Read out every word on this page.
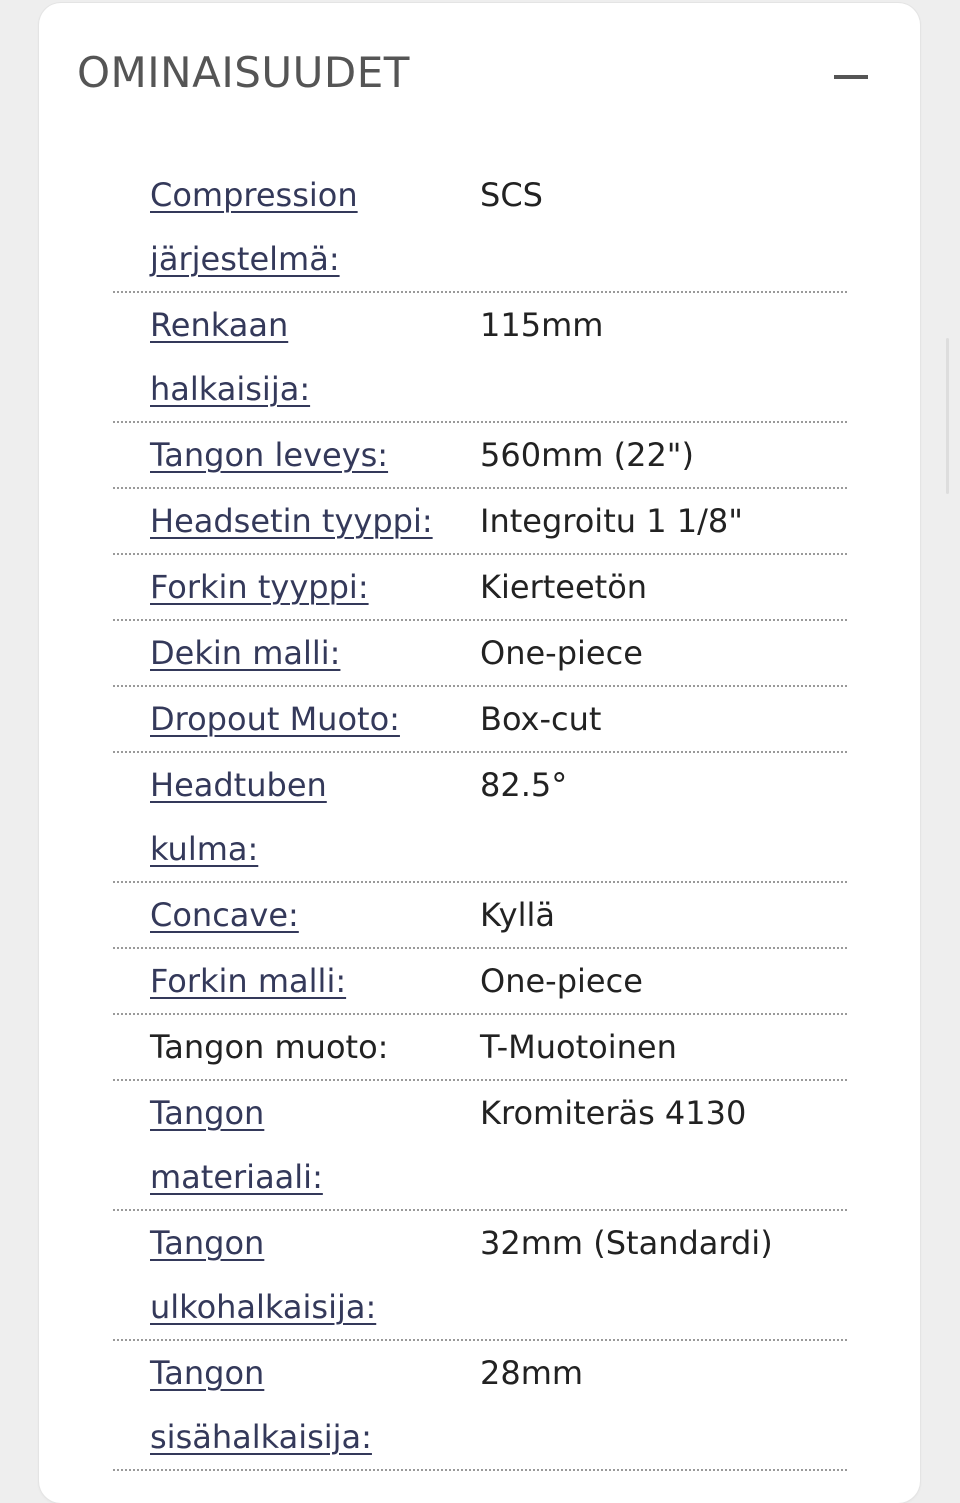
OMINAISUUDET
Compression järjestelmä:
SCS
Renkaan halkaisija:
115mm
Tangon leveys:	560mm (22")
Headsetin tyyppi:	Integroitu 1 1/8"
Forkin tyyppi:	Kierteetön
Dekin malli:	One-piece
Dropout Muoto:	Box-cut
Headtuben kulma:
82.5°
Concave:	Kyllä
Forkin malli:	One-piece
Tangon muoto:	T-Muotoinen
Tangon materiaali:
Kromiteräs 4130
Tangon ulkohalkaisija:
32mm (Standardi)
Tangon sisähalkaisija:
28mm
